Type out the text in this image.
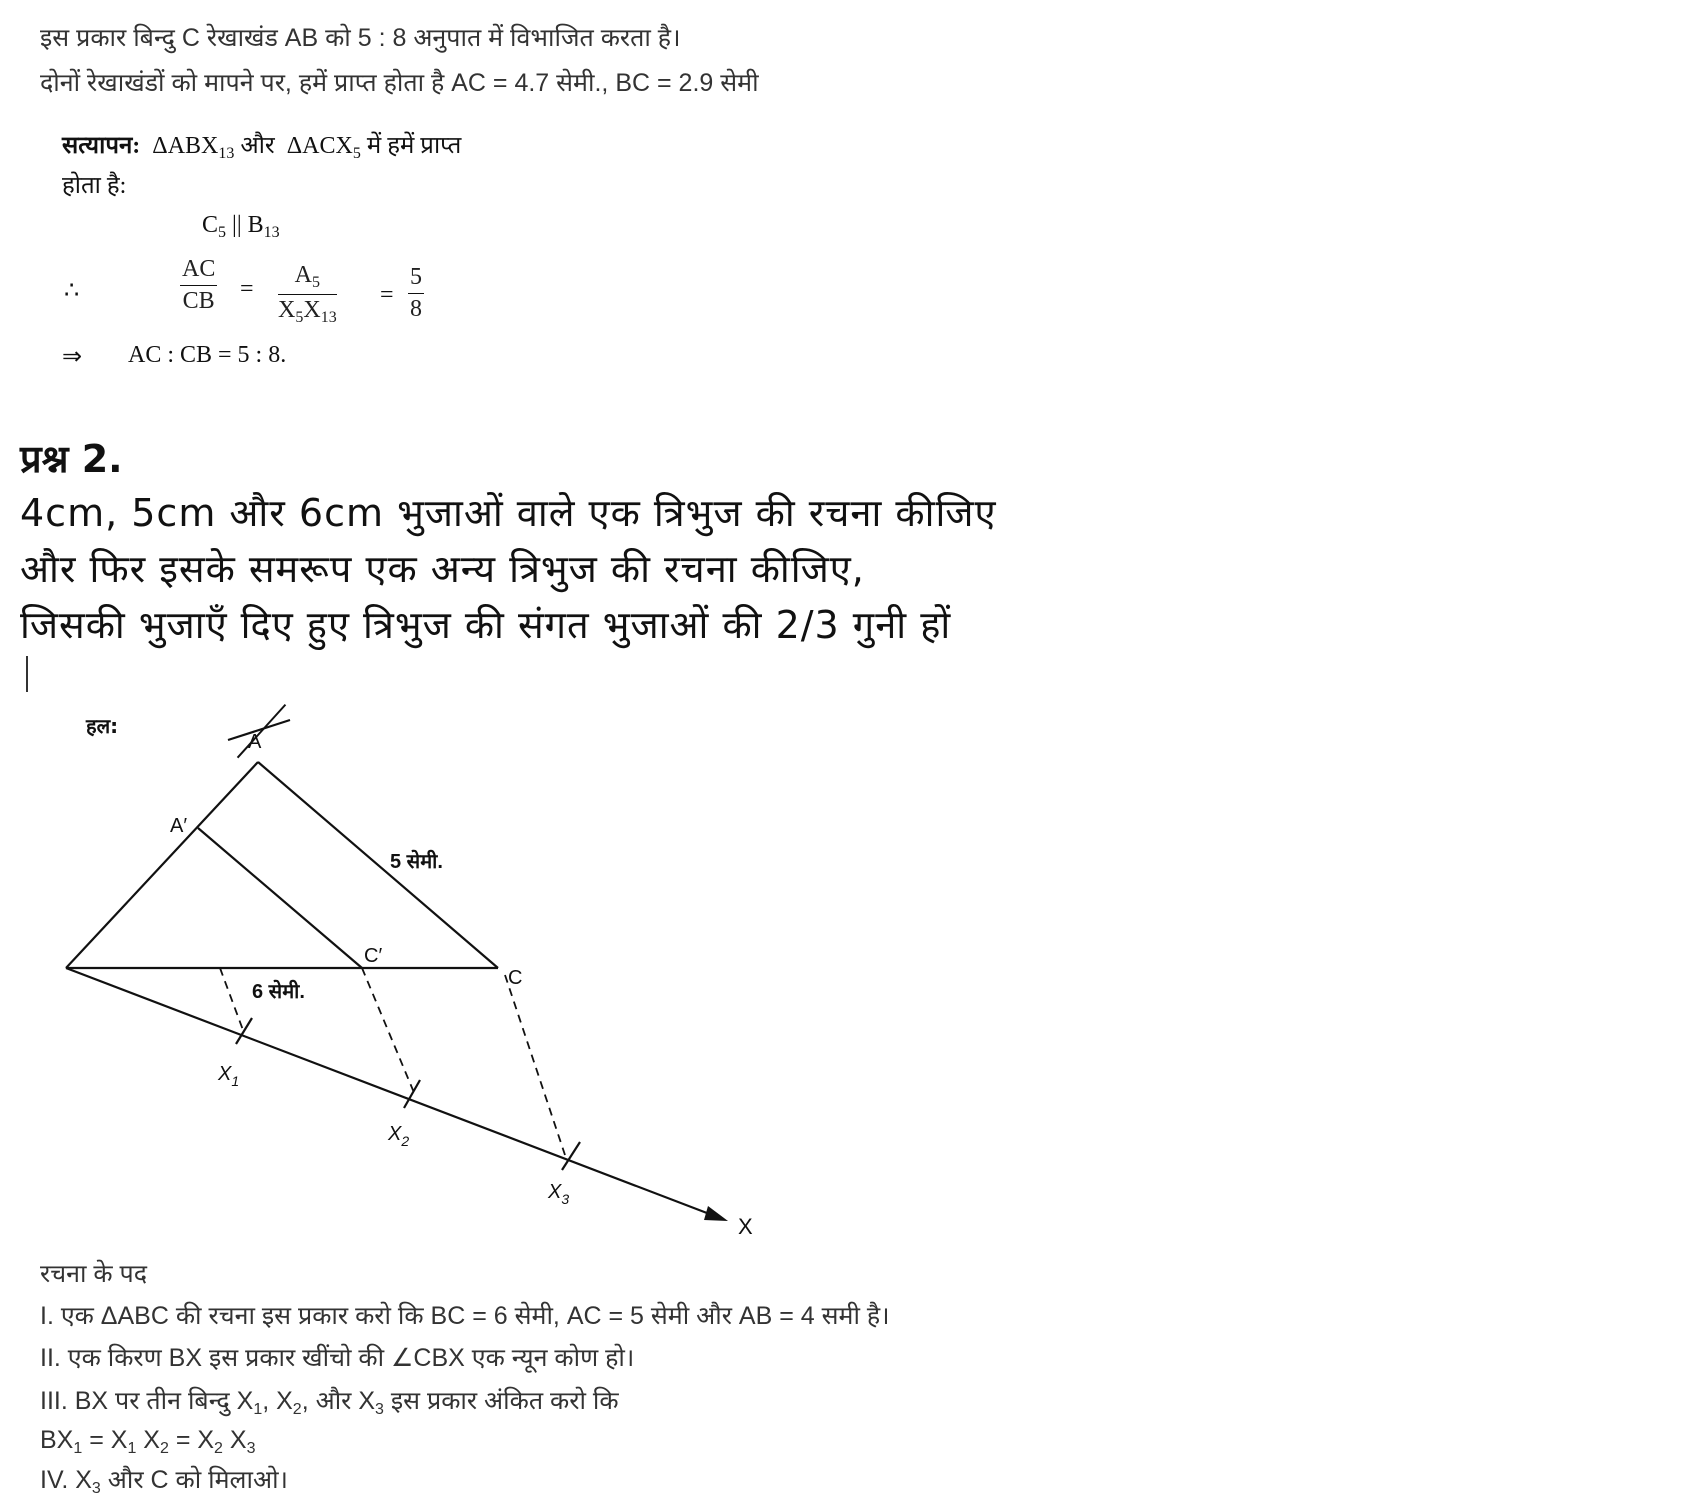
इस प्रकार बिन्दु C रेखाखंड AB को 5 : 8 अनुपात में विभाजित करता है।
दोनों रेखाखंडों को मापने पर, हमें प्राप्त होता है AC = 4.7 सेमी., BC = 2.9 सेमी
सत्यापन: $\Delta ABX_{13}$ और $\Delta ACX_5$ में हमें प्राप्त
होता है:
$C_5$ || $B_{13}$
∴	$\frac{AC}{CB} = \frac{A_5}{X_5X_{13}} = \frac{5}{8}$
⇒ AC : CB = 5 : 8.
प्रश्न 2.
4cm, 5cm और 6cm भुजाओं वाले एक त्रिभुज की रचना कीजिए
और फिर इसके समरूप एक अन्य त्रिभुज की रचना कीजिए,
जिसकी भुजाएँ दिए हुए त्रिभुज की संगत भुजाओं की 2/3 गुनी हों
हल:
A
A′
5 सेमी.
C′
C
6 सेमी.
$X_1$
$X_2$
$X_3$
X
रचना के पद
I. एक ΔABC की रचना इस प्रकार करो कि BC = 6 सेमी, AC = 5 सेमी और AB = 4 समी है।
II. एक किरण BX इस प्रकार खींचो की ∠CBX एक न्यून कोण हो।
III. BX पर तीन बिन्दु $X_1$, $X_2$, और $X_3$ इस प्रकार अंकित करो कि
$BX_1 = X_1$ $X_2 = X_2$ $X_3$
IV. $X_3$ और C को मिलाओ।
